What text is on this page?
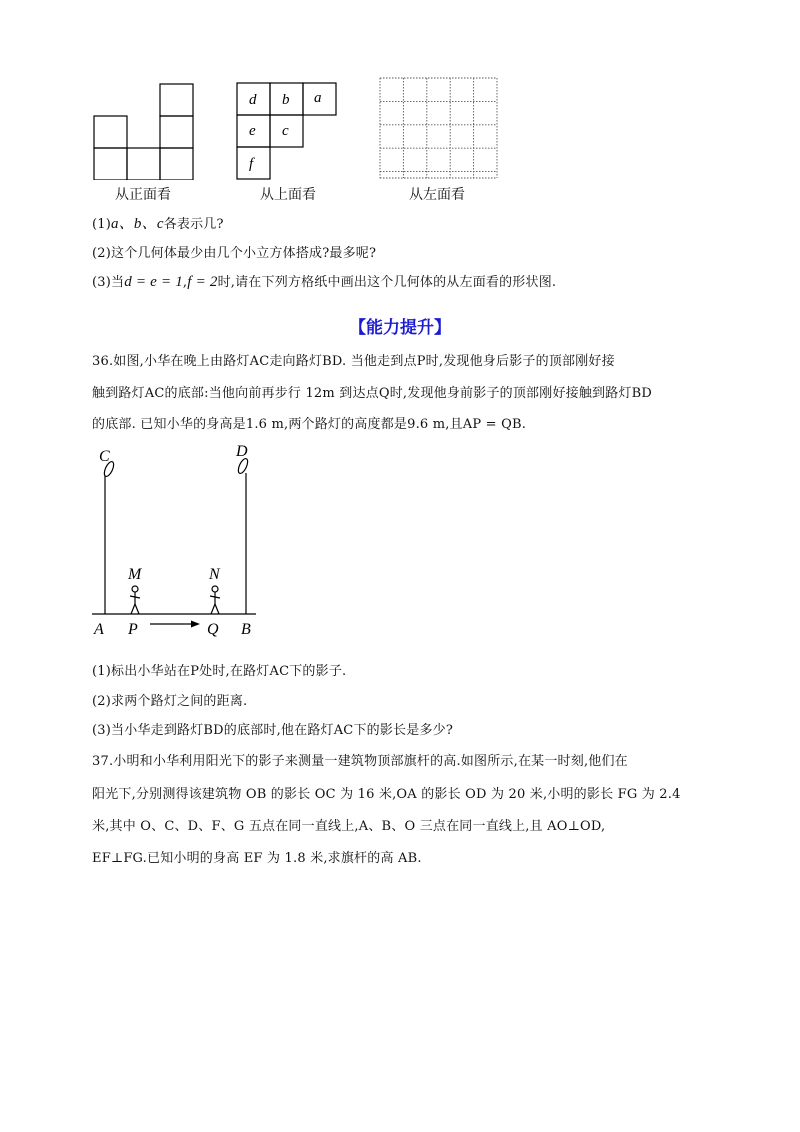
d b a
e c
f
从正面看	从上面看	从左面看
(1)a、b、c各表示几?
(2)这个几何体最少由几个小立方体搭成?最多呢?
(3)当d = e = 1,f = 2时,请在下列方格纸中画出这个几何体的从左面看的形状图.
【能力提升】
36.如图,小华在晚上由路灯AC走向路灯BD. 当他走到点P时,发现他身后影子的顶部刚好接
触到路灯AC的底部:当他向前再步行 12m 到达点Q时,发现他身前影子的顶部刚好接触到路灯BD
的底部. 已知小华的身高是1.6 m,两个路灯的高度都是9.6 m,且AP = QB.
C	D
M	N
A P	Q B
(1)标出小华站在P处时,在路灯AC下的影子.
(2)求两个路灯之间的距离.
(3)当小华走到路灯BD的底部时,他在路灯AC下的影长是多少?
37.小明和小华利用阳光下的影子来测量一建筑物顶部旗杆的高.如图所示,在某一时刻,他们在
阳光下,分别测得该建筑物 OB 的影长 OC 为 16 米,OA 的影长 OD 为 20 米,小明的影长 FG 为 2.4
米,其中 O、C、D、F、G 五点在同一直线上,A、B、O 三点在同一直线上,且 AO⊥OD,
EF⊥FG.已知小明的身高 EF 为 1.8 米,求旗杆的高 AB.
